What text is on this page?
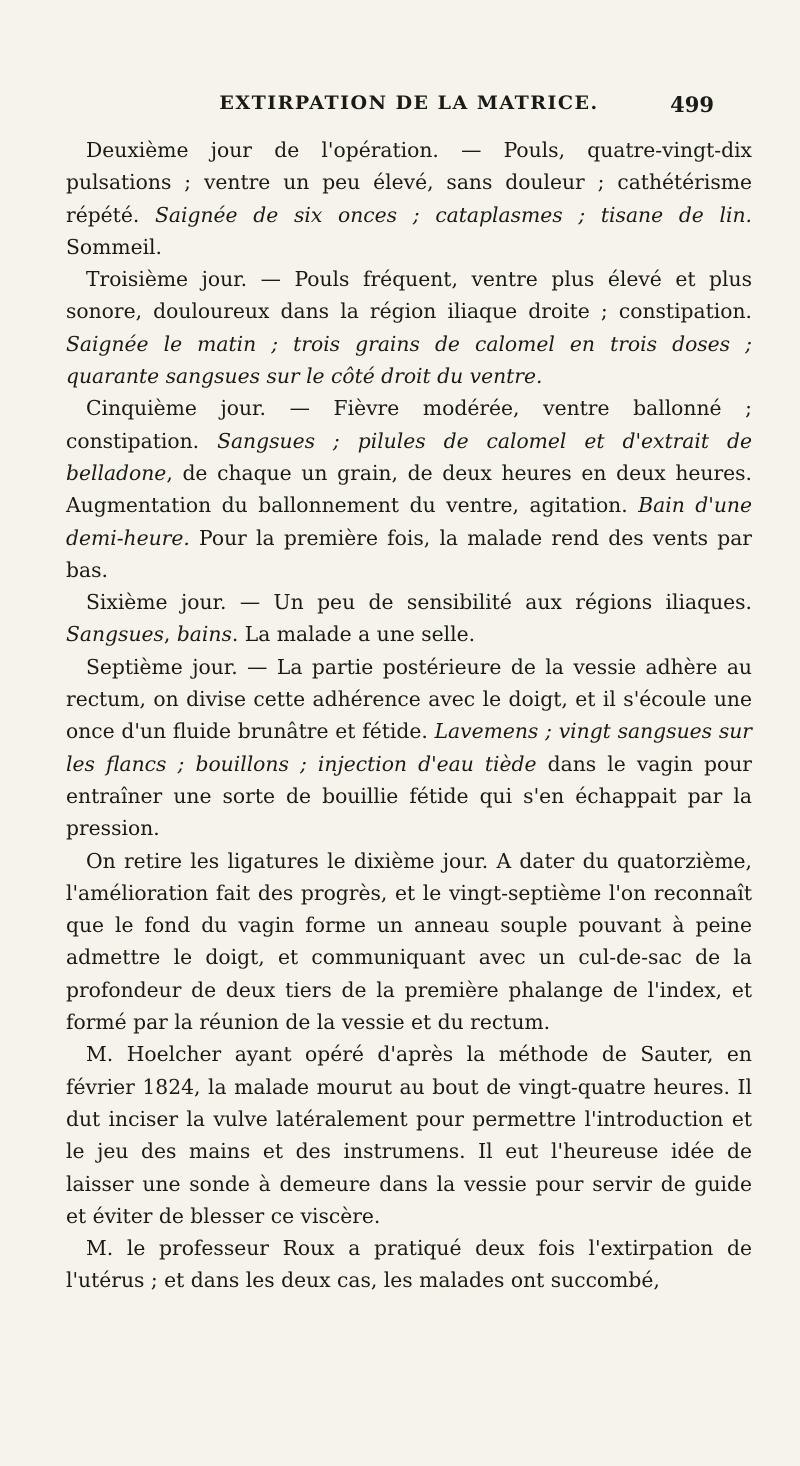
EXTIRPATION DE LA MATRICE.	499

Deuxième jour de l'opération. — Pouls, quatre-vingt-dix pulsations ; ventre un peu élevé, sans douleur ; cathétérisme répété. Saignée de six onces ; cataplasmes ; tisane de lin. Sommeil.

Troisième jour. — Pouls fréquent, ventre plus élevé et plus sonore, douloureux dans la région iliaque droite ; constipation. Saignée le matin ; trois grains de calomel en trois doses ; quarante sangsues sur le côté droit du ventre.

Cinquième jour. — Fièvre modérée, ventre ballonné ; constipation. Sangsues ; pilules de calomel et d'extrait de belladone, de chaque un grain, de deux heures en deux heures. Augmentation du ballonnement du ventre, agitation. Bain d'une demi-heure. Pour la première fois, la malade rend des vents par bas.

Sixième jour. — Un peu de sensibilité aux régions iliaques. Sangsues, bains. La malade a une selle.

Septième jour. — La partie postérieure de la vessie adhère au rectum, on divise cette adhérence avec le doigt, et il s'écoule une once d'un fluide brunâtre et fétide. Lavemens ; vingt sangsues sur les flancs ; bouillons ; injection d'eau tiède dans le vagin pour entraîner une sorte de bouillie fétide qui s'en échappait par la pression.

On retire les ligatures le dixième jour. A dater du quatorzième, l'amélioration fait des progrès, et le vingt-septième l'on reconnaît que le fond du vagin forme un anneau souple pouvant à peine admettre le doigt, et communiquant avec un cul-de-sac de la profondeur de deux tiers de la première phalange de l'index, et formé par la réunion de la vessie et du rectum.

M. Hoelcher ayant opéré d'après la méthode de Sauter, en février 1824, la malade mourut au bout de vingt-quatre heures. Il dut inciser la vulve latéralement pour permettre l'introduction et le jeu des mains et des instrumens. Il eut l'heureuse idée de laisser une sonde à demeure dans la vessie pour servir de guide et éviter de blesser ce viscère.

M. le professeur Roux a pratiqué deux fois l'extirpation de l'utérus ; et dans les deux cas, les malades ont succombé,
